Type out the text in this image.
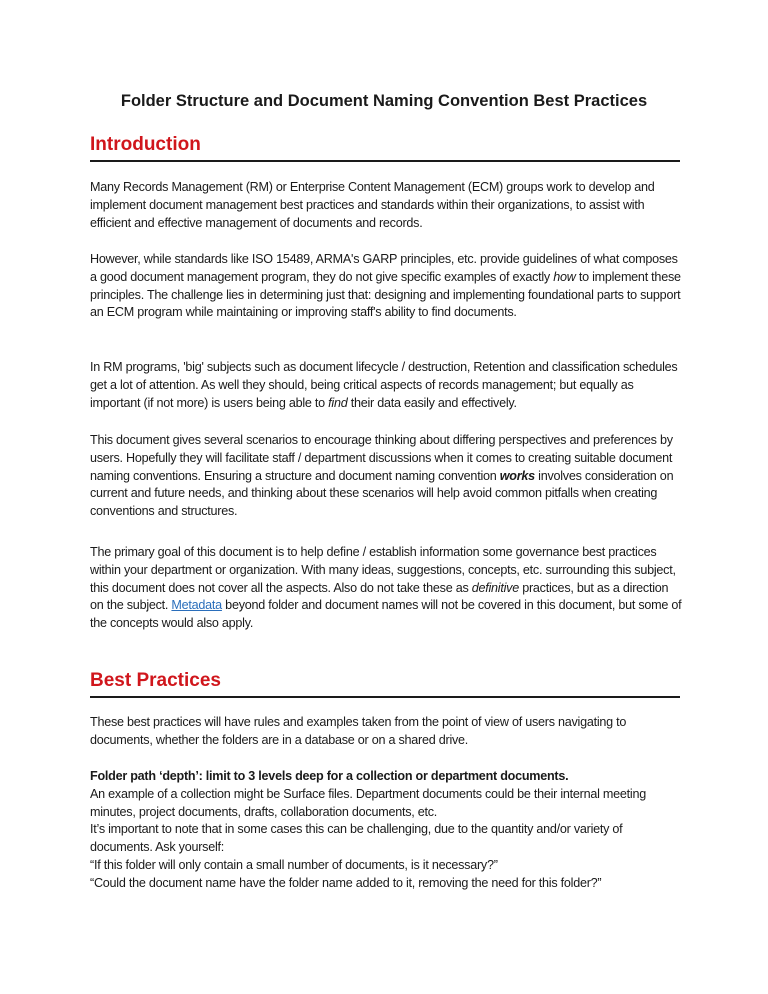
Folder Structure and Document Naming Convention Best Practices
Introduction

Many Records Management (RM) or Enterprise Content Management (ECM) groups work to develop and implement document management best practices and standards within their organizations, to assist with efficient and effective management of documents and records.

However, while standards like ISO 15489, ARMA's GARP principles, etc. provide guidelines of what composes a good document management program, they do not give specific examples of exactly how to implement these principles. The challenge lies in determining just that: designing and implementing foundational parts to support an ECM program while maintaining or improving staff's ability to find documents.

In RM programs, 'big' subjects such as document lifecycle / destruction, Retention and classification schedules get a lot of attention. As well they should, being critical aspects of records management; but equally as important (if not more) is users being able to find their data easily and effectively.

This document gives several scenarios to encourage thinking about differing perspectives and preferences by users. Hopefully they will facilitate staff / department discussions when it comes to creating suitable document naming conventions. Ensuring a structure and document naming convention works involves consideration on current and future needs, and thinking about these scenarios will help avoid common pitfalls when creating conventions and structures.

The primary goal of this document is to help define / establish information some governance best practices within your department or organization. With many ideas, suggestions, concepts, etc. surrounding this subject, this document does not cover all the aspects. Also do not take these as definitive practices, but as a direction on the subject. Metadata beyond folder and document names will not be covered in this document, but some of the concepts would also apply.

Best Practices

These best practices will have rules and examples taken from the point of view of users navigating to documents, whether the folders are in a database or on a shared drive.

Folder path ‘depth’: limit to 3 levels deep for a collection or department documents.
An example of a collection might be Surface files. Department documents could be their internal meeting minutes, project documents, drafts, collaboration documents, etc.
It’s important to note that in some cases this can be challenging, due to the quantity and/or variety of documents. Ask yourself:
“If this folder will only contain a small number of documents, is it necessary?”
“Could the document name have the folder name added to it, removing the need for this folder?”
